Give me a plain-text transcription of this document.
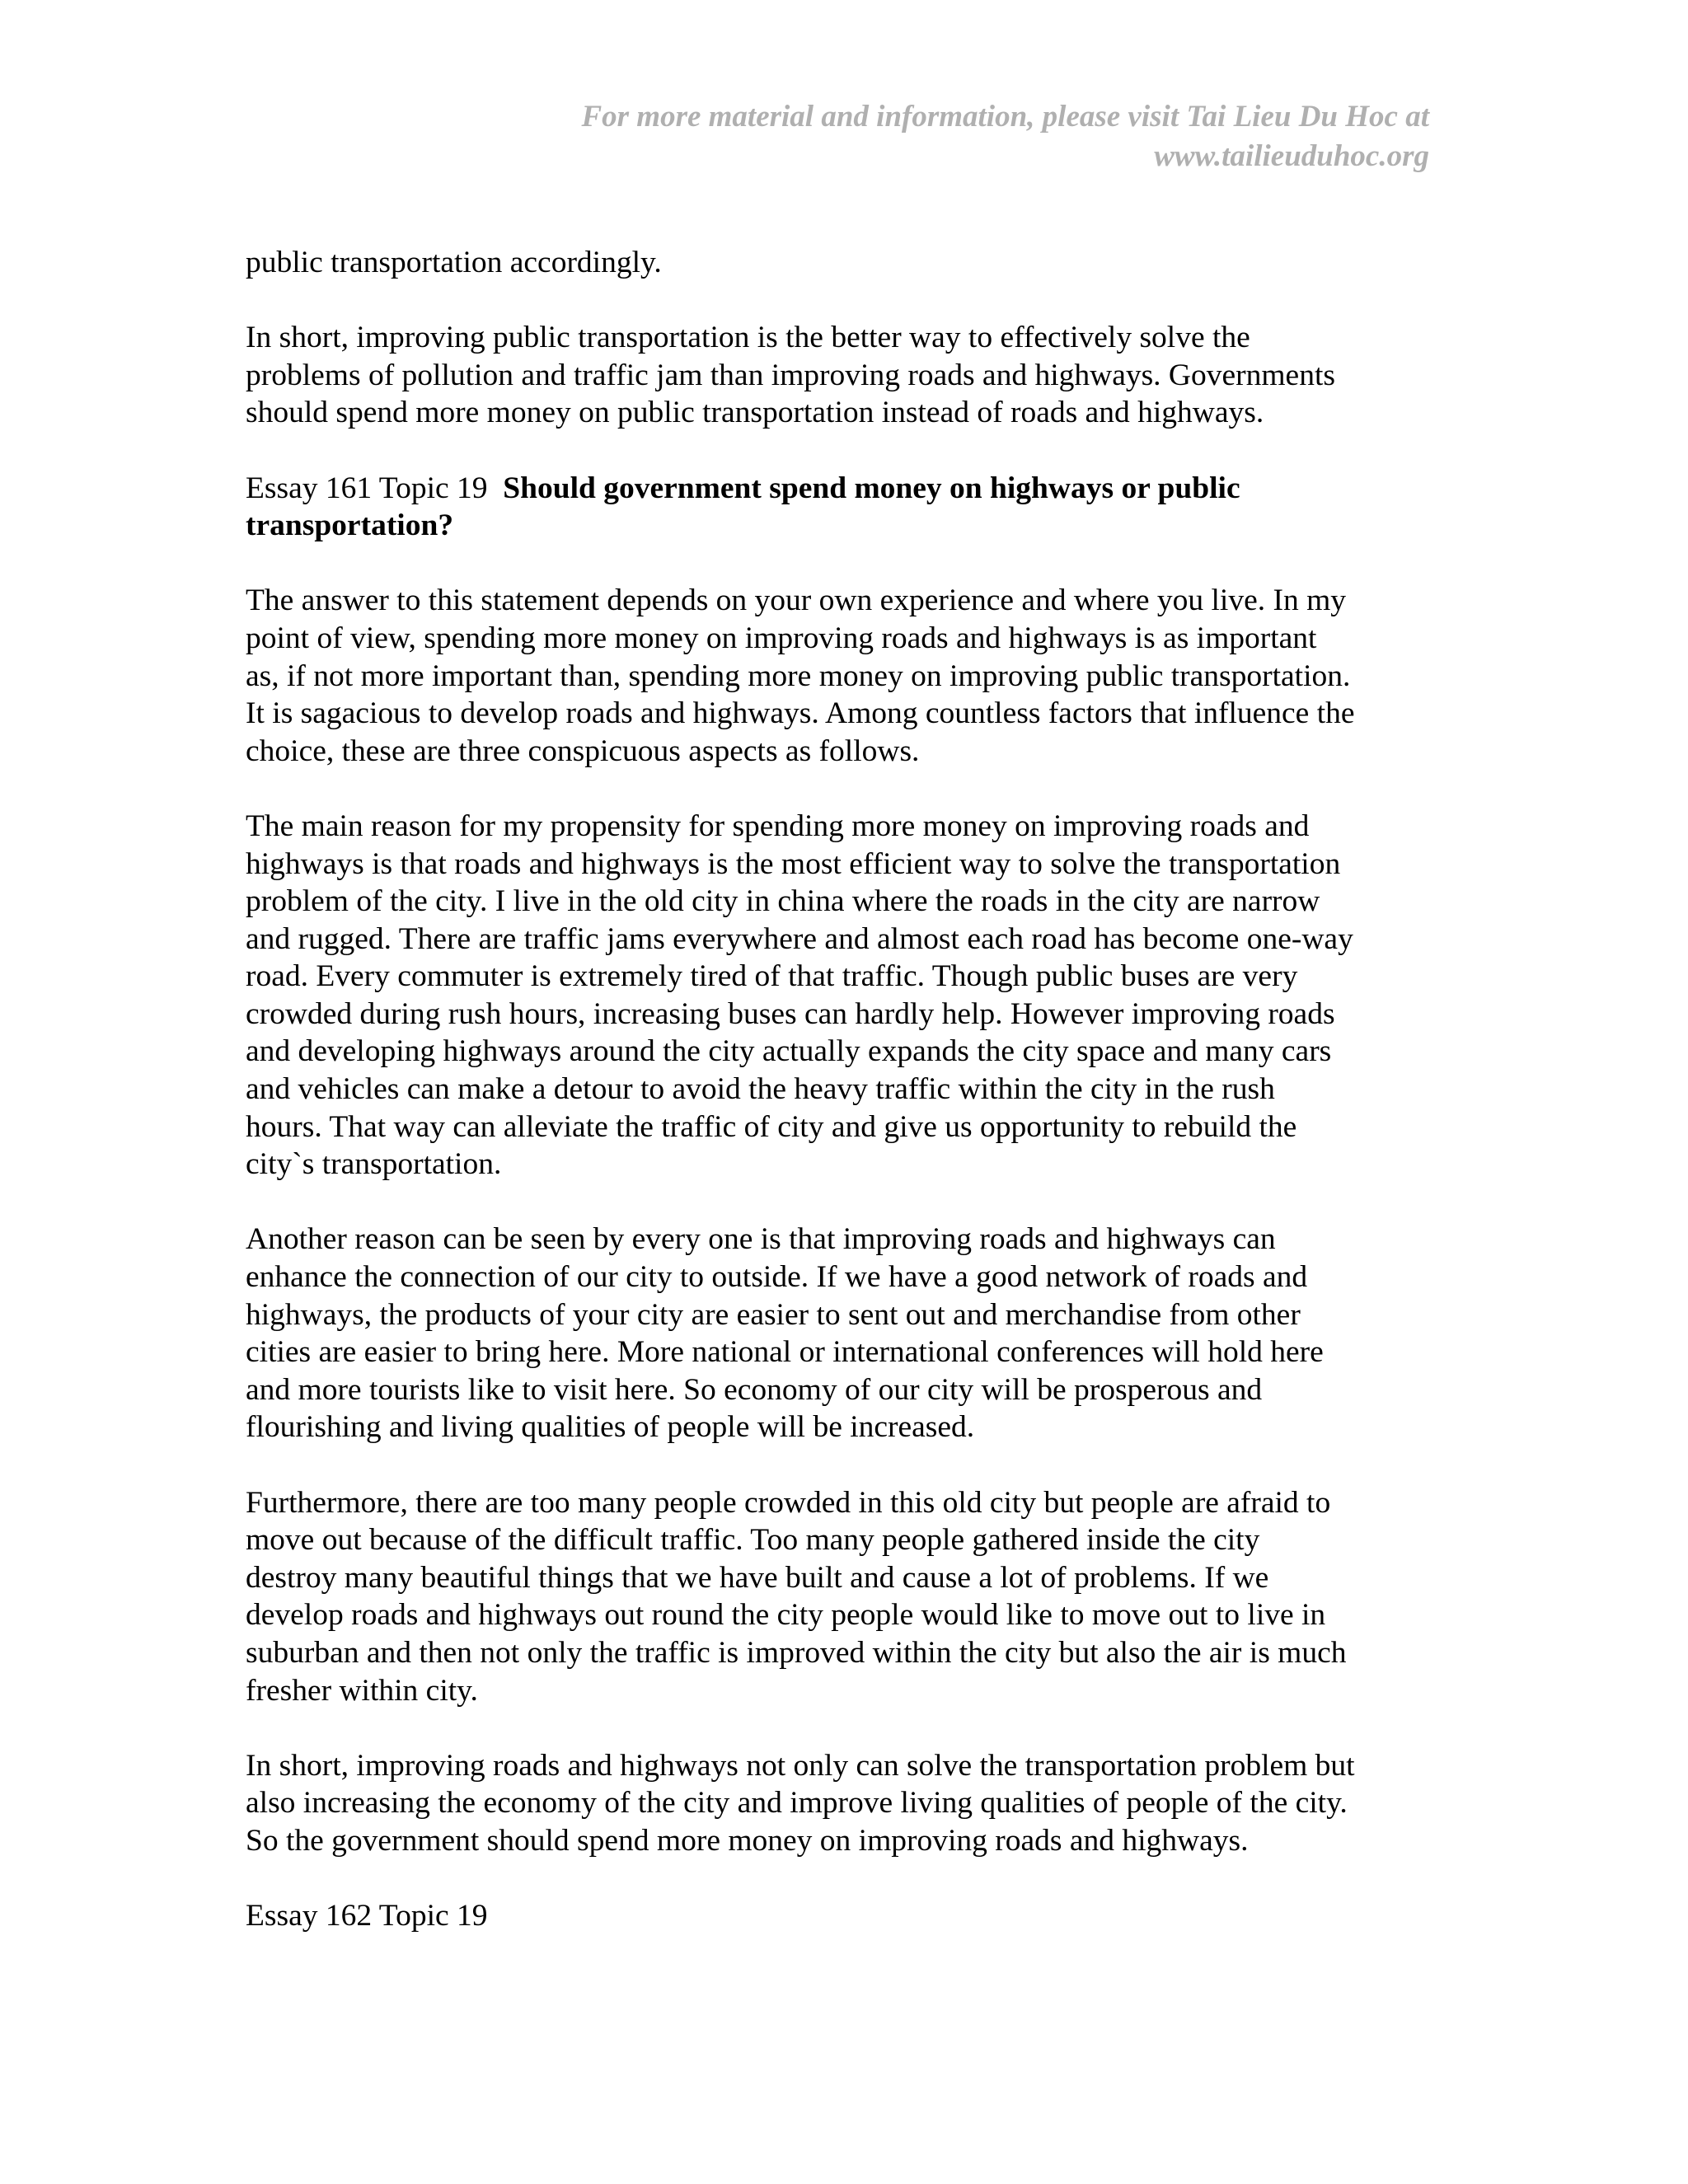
For more material and information, please visit Tai Lieu Du Hoc at
www.tailieuduhoc.org

public transportation accordingly.

In short, improving public transportation is the better way to effectively solve the
problems of pollution and traffic jam than improving roads and highways. Governments
should spend more money on public transportation instead of roads and highways.

Essay 161 Topic 19 Should government spend money on highways or public
transportation?

The answer to this statement depends on your own experience and where you live. In my
point of view, spending more money on improving roads and highways is as important
as, if not more important than, spending more money on improving public transportation.
It is sagacious to develop roads and highways. Among countless factors that influence the
choice, these are three conspicuous aspects as follows.

The main reason for my propensity for spending more money on improving roads and
highways is that roads and highways is the most efficient way to solve the transportation
problem of the city. I live in the old city in china where the roads in the city are narrow
and rugged. There are traffic jams everywhere and almost each road has become one-way
road. Every commuter is extremely tired of that traffic. Though public buses are very
crowded during rush hours, increasing buses can hardly help. However improving roads
and developing highways around the city actually expands the city space and many cars
and vehicles can make a detour to avoid the heavy traffic within the city in the rush
hours. That way can alleviate the traffic of city and give us opportunity to rebuild the
city`s transportation.

Another reason can be seen by every one is that improving roads and highways can
enhance the connection of our city to outside. If we have a good network of roads and
highways, the products of your city are easier to sent out and merchandise from other
cities are easier to bring here. More national or international conferences will hold here
and more tourists like to visit here. So economy of our city will be prosperous and
flourishing and living qualities of people will be increased.

Furthermore, there are too many people crowded in this old city but people are afraid to
move out because of the difficult traffic. Too many people gathered inside the city
destroy many beautiful things that we have built and cause a lot of problems. If we
develop roads and highways out round the city people would like to move out to live in
suburban and then not only the traffic is improved within the city but also the air is much
fresher within city.

In short, improving roads and highways not only can solve the transportation problem but
also increasing the economy of the city and improve living qualities of people of the city.
So the government should spend more money on improving roads and highways.

Essay 162 Topic 19
